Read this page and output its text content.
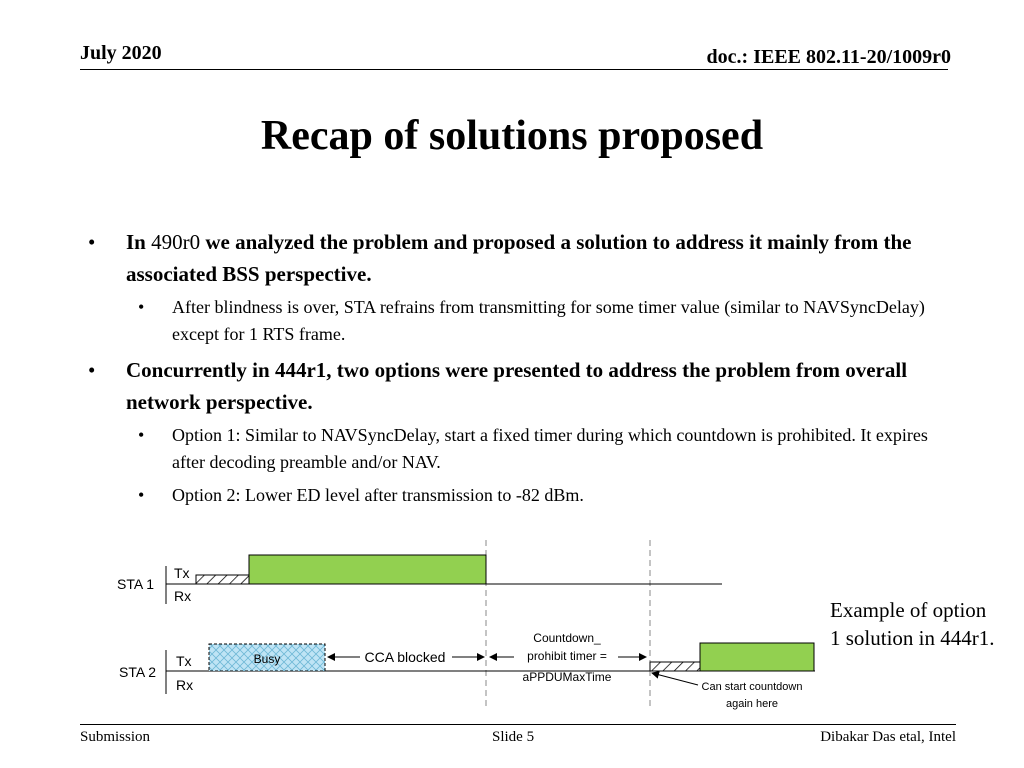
July 2020	doc.: IEEE 802.11-20/1009r0
Recap of solutions proposed
• In 490r0 we analyzed the problem and proposed a solution to address it mainly from the associated BSS perspective.
• After blindness is over, STA refrains from transmitting for some timer value (similar to NAVSyncDelay) except for 1 RTS frame.
• Concurrently in 444r1, two options were presented to address the problem from overall network perspective.
• Option 1: Similar to NAVSyncDelay, start a fixed timer during which countdown is prohibited. It expires after decoding preamble and/or NAV.
• Option 2: Lower ED level after transmission to -82 dBm.
STA 1
Tx
Rx
STA 2
Tx
Rx
Busy	CCA blocked
Countdown_
prohibit timer =
aPPDUMaxTime
Can start countdown
again here
Example of option 1 solution in 444r1.
Submission	Slide 5	Dibakar Das etal, Intel
